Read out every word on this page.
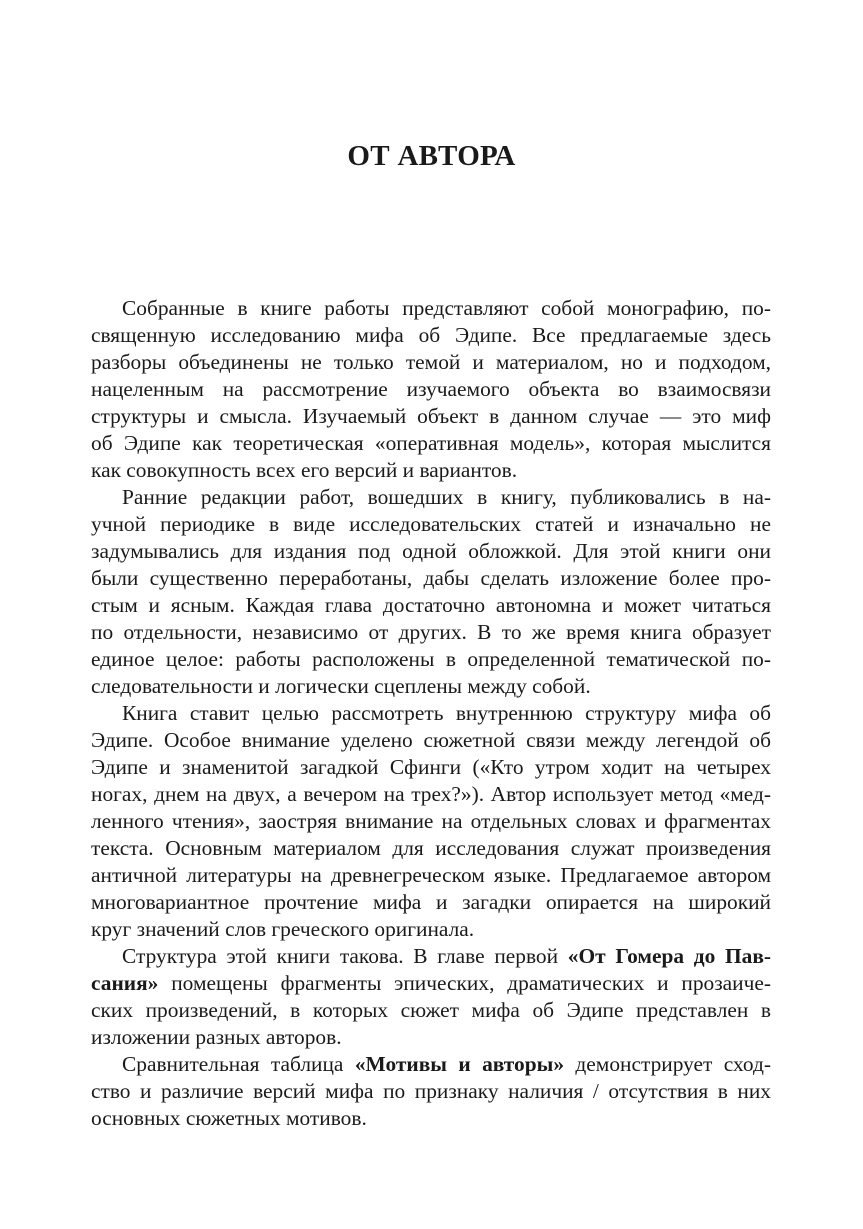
ОТ АВТОРА

Собранные в книге работы представляют собой монографию, по-

священную исследованию мифа об Эдипе. Все предлагаемые здесь

разборы объединены не только темой и материалом, но и подходом,

нацеленным на рассмотрение изучаемого объекта во взаимосвязи

структуры и смысла. Изучаемый объект в данном случае — это миф

об Эдипе как теоретическая «оперативная модель», которая мыслится

как совокупность всех его версий и вариантов.

Ранние редакции работ, вошедших в книгу, публиковались в на-

учной периодике в виде исследовательских статей и изначально не

задумывались для издания под одной обложкой. Для этой книги они

были существенно переработаны, дабы сделать изложение более про-

стым и ясным. Каждая глава достаточно автономна и может читаться

по отдельности, независимо от других. В то же время книга образует

единое целое: работы расположены в определенной тематической по-

следовательности и логически сцеплены между собой.

Книга ставит целью рассмотреть внутреннюю структуру мифа об

Эдипе. Особое внимание уделено сюжетной связи между легендой об

Эдипе и знаменитой загадкой Сфинги («Кто утром ходит на четырех

ногах, днем на двух, а вечером на трех?»). Автор использует метод «мед-

ленного чтения», заостряя внимание на отдельных словах и фрагментах

текста. Основным материалом для исследования служат произведения

античной литературы на древнегреческом языке. Предлагаемое автором

многовариантное прочтение мифа и загадки опирается на широкий

круг значений слов греческого оригинала.

Структура этой книги такова. В главе первой «От Гомера до Пав-

сания» помещены фрагменты эпических, драматических и прозаиче-

ских произведений, в которых сюжет мифа об Эдипе представлен в

изложении разных авторов.

Сравнительная таблица «Мотивы и авторы» демонстрирует сход-

ство и различие версий мифа по признаку наличия / отсутствия в них

основных сюжетных мотивов.
